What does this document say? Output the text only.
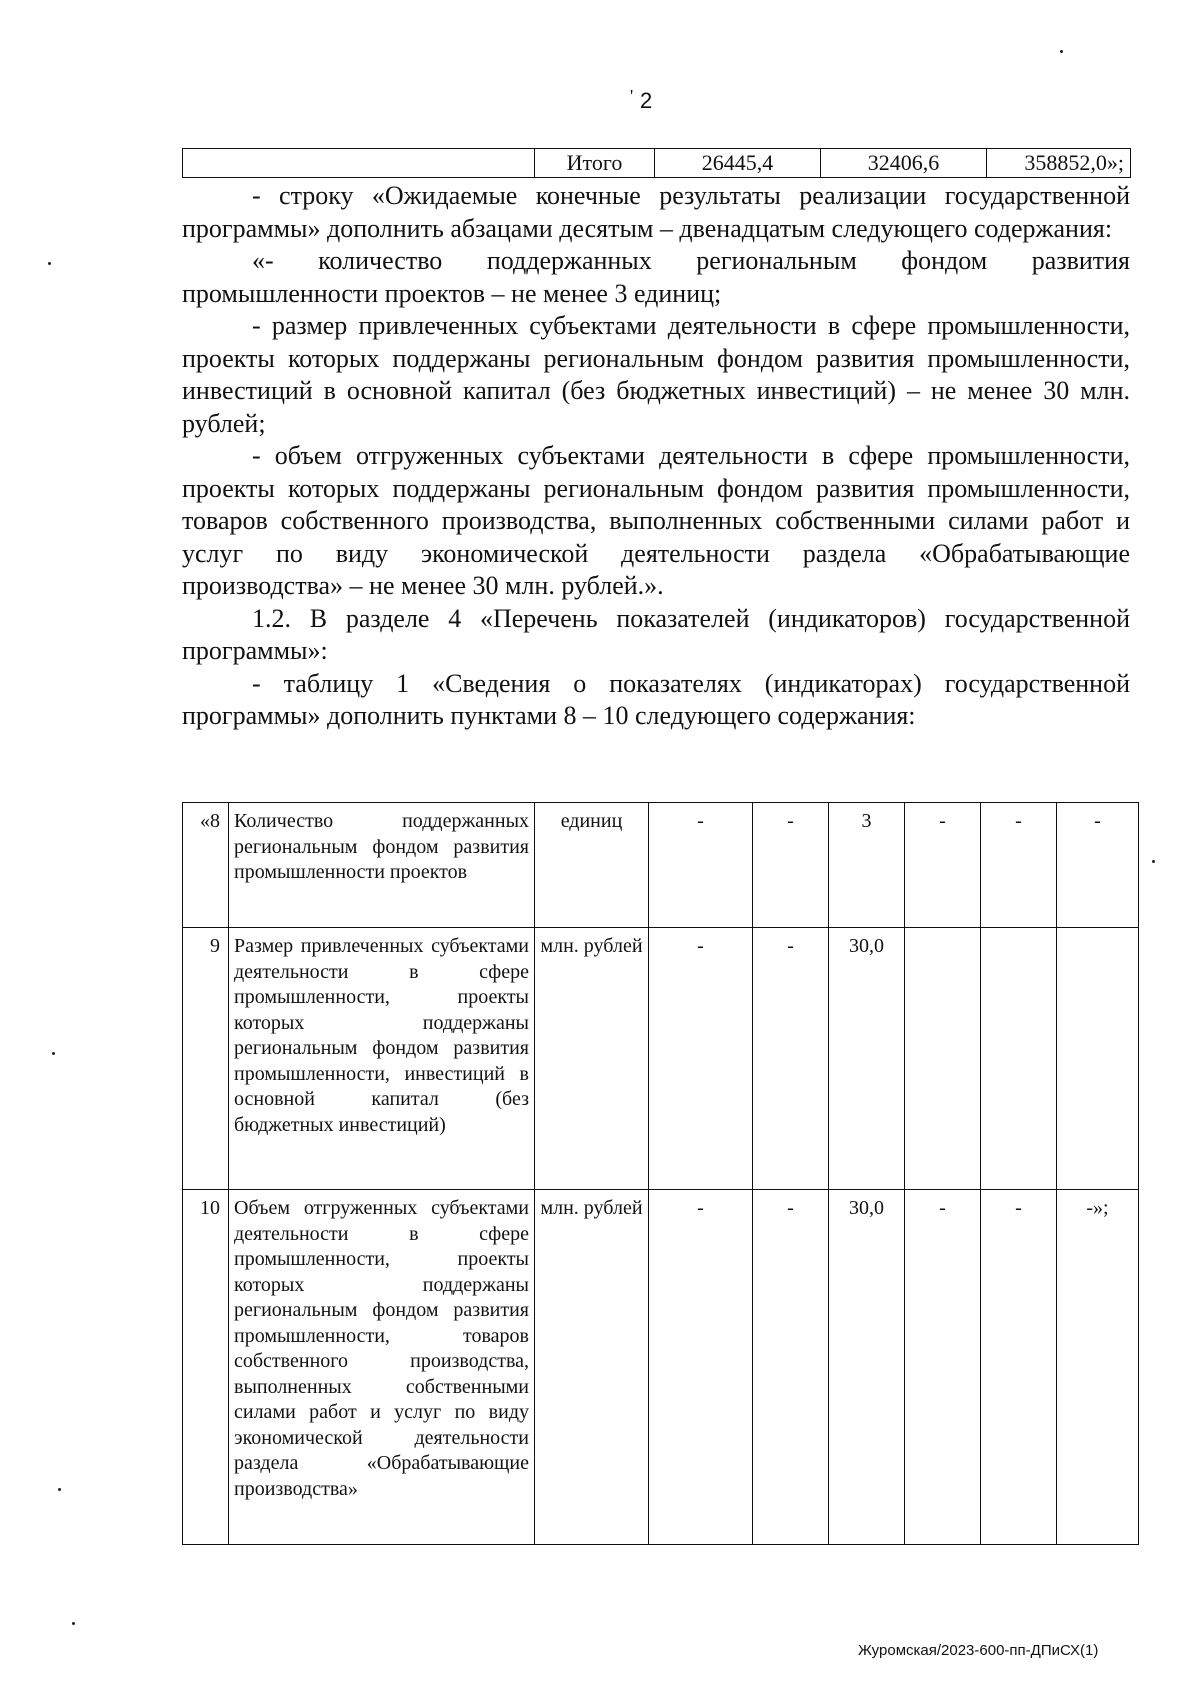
' 2
	Итого	26445,4	32406,6	358852,0»;

- строку «Ожидаемые конечные результаты реализации государственной программы» дополнить абзацами десятым – двенадцатым следующего содержания:

«- количество поддержанных региональным фондом развития промышленности проектов – не менее 3 единиц;

- размер привлеченных субъектами деятельности в сфере промышленности, проекты которых поддержаны региональным фондом развития промышленности, инвестиций в основной капитал (без бюджетных инвестиций) – не менее 30 млн. рублей;

- объем отгруженных субъектами деятельности в сфере промышленности, проекты которых поддержаны региональным фондом развития промышленности, товаров собственного производства, выполненных собственными силами работ и услуг по виду экономической деятельности раздела «Обрабатывающие производства» – не менее 30 млн. рублей.».

1.2. В разделе 4 «Перечень показателей (индикаторов) государственной программы»:

- таблицу 1 «Сведения о показателях (индикаторах) государственной программы» дополнить пунктами 8 – 10 следующего содержания:

«8	Количество поддержанных региональным фондом развития промышленности проектов	единиц	-	-	3	-	-	-
9	Размер привлеченных субъектами деятельности в сфере промышленности, проекты которых поддержаны региональным фондом развития промышленности, инвестиций в основной капитал (без бюджетных инвестиций)	млн. рублей	-	-	30,0			
10	Объем отгруженных субъектами деятельности в сфере промышленности, проекты которых поддержаны региональным фондом развития промышленности, товаров собственного производства, выполненных собственными силами работ и услуг по виду экономической деятельности раздела «Обрабатывающие производства»	млн. рублей	-	-	30,0	-	-	-»;
Журомская/2023-600-пп-ДПиСХ(1)
